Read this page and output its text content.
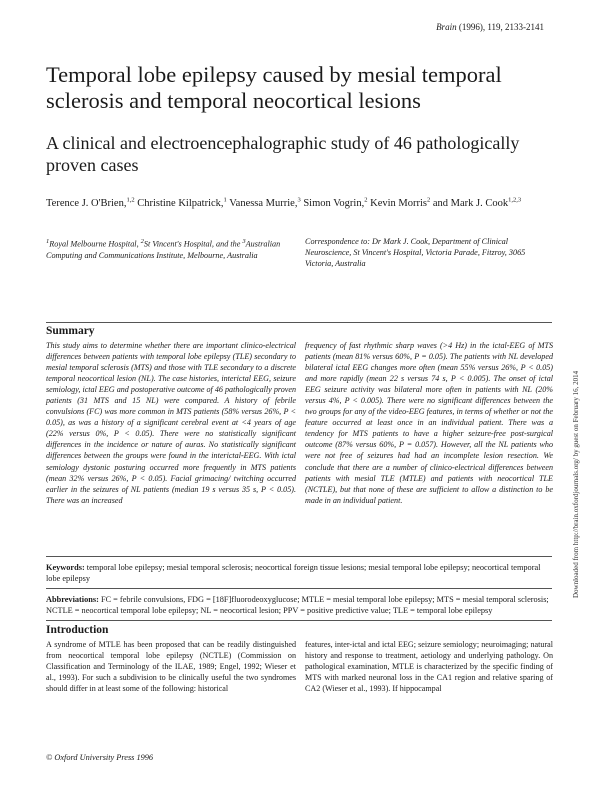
Brain (1996), 119, 2133-2141
Temporal lobe epilepsy caused by mesial temporal sclerosis and temporal neocortical lesions
A clinical and electroencephalographic study of 46 pathologically proven cases
Terence J. O'Brien,$^{1,2}$ Christine Kilpatrick,$^1$ Vanessa Murrie,$^3$ Simon Vogrin,$^2$ Kevin Morris$^2$ and Mark J. Cook$^{1,2,3}$
$^1$Royal Melbourne Hospital, $^2$St Vincent's Hospital, and the $^3$Australian Computing and Communications Institute, Melbourne, Australia
Correspondence to: Dr Mark J. Cook, Department of Clinical Neuroscience, St Vincent's Hospital, Victoria Parade, Fitzroy, 3065 Victoria, Australia
Downloaded from http://brain.oxfordjournals.org/ by guest on February 16, 2014
Summary

This study aims to determine whether there are important clinico-electrical differences between patients with temporal lobe epilepsy (TLE) secondary to mesial temporal sclerosis (MTS) and those with TLE secondary to a discrete temporal neocortical lesion (NL). The case histories, interictal EEG, seizure semiology, ictal EEG and postoperative outcome of 46 pathologically proven patients (31 MTS and 15 NL) were compared. A history of febrile convulsions (FC) was more common in MTS patients (58% versus 26%, P < 0.05), as was a history of a significant cerebral event at <4 years of age (22% versus 0%, P < 0.05). There were no statistically significant differences in the incidence or nature of auras. No statistically significant differences between the groups were found in the interictal-EEG. With ictal semiology dystonic posturing occurred more frequently in MTS patients (mean 32% versus 26%, P < 0.05). Facial grimacing/ twitching occurred earlier in the seizures of NL patients (median 19 s versus 35 s, P < 0.05). There was an increased

frequency of fast rhythmic sharp waves (>4 Hz) in the ictal-EEG of MTS patients (mean 81% versus 60%, P = 0.05). The patients with NL developed bilateral ictal EEG changes more often (mean 55% versus 26%, P < 0.05) and more rapidly (mean 22 s versus 74 s, P < 0.005). The onset of ictal EEG seizure activity was bilateral more often in patients with NL (20% versus 4%, P < 0.005). There were no significant differences between the two groups for any of the video-EEG features, in terms of whether or not the feature occurred at least once in an individual patient. There was a tendency for MTS patients to have a higher seizure-free post-surgical outcome (87% versus 60%, P = 0.057). However, all the NL patients who were not free of seizures had had an incomplete lesion resection. We conclude that there are a number of clinico-electrical differences between patients with mesial TLE (MTLE) and patients with neocortical TLE (NCTLE), but that none of these are sufficient to allow a distinction to be made in an individual patient.

Keywords: temporal lobe epilepsy; mesial temporal sclerosis; neocortical foreign tissue lesions; mesial temporal lobe epilepsy; neocortical temporal lobe epilepsy
Abbreviations: FC = febrile convulsions, FDG = [18F]fluorodeoxyglucose; MTLE = mesial temporal lobe epilepsy; MTS = mesial temporal sclerosis; NCTLE = neocortical temporal lobe epilepsy; NL = neocortical lesion; PPV = positive predictive value; TLE = temporal lobe epilepsy
Introduction

A syndrome of MTLE has been proposed that can be readily distinguished from neocortical temporal lobe epilepsy (NCTLE) (Commission on Classification and Terminology of the ILAE, 1989; Engel, 1992; Wieser et al., 1993). For such a subdivision to be clinically useful the two syndromes should differ in at least some of the following: historical

features, inter-ictal and ictal EEG; seizure semiology; neuroimaging; natural history and response to treatment, aetiology and underlying pathology. On pathological examination, MTLE is characterized by the specific finding of MTS with marked neuronal loss in the CA1 region and relative sparing of CA2 (Wieser et al., 1993). If hippocampal

© Oxford University Press 1996
